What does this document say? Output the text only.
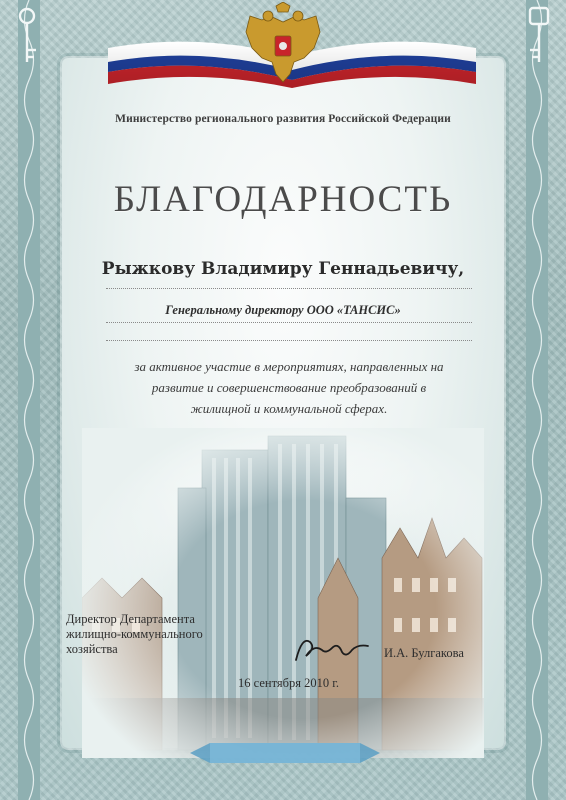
Министерство регионального развития Российской Федерации
БЛАГОДАРНОСТЬ
Рыжкову Владимиру Геннадьевичу,
Генеральному директору ООО «ТАНСИС»
за активное участие в мероприятиях, направленных на
развитие и совершенствование преобразований в
жилищной и коммунальной сферах.
Директор Департамента
жилищно-коммунального
хозяйства	И.А. Булгакова
16 сентября 2010 г.
